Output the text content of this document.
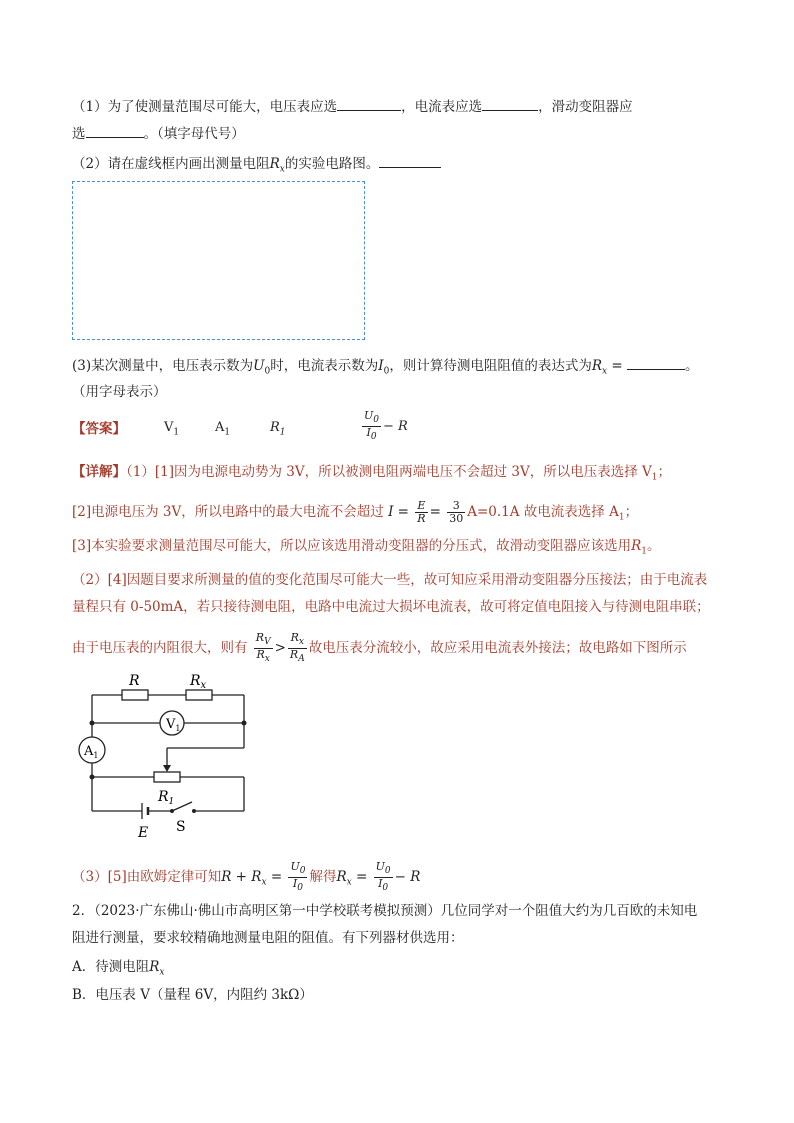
（1）为了使测量范围尽可能大，电压表应选	，电流表应选	，滑动变阻器应
选	。（填字母代号）
（2）请在虚线框内画出测量电阻$R_x$的实验电路图。
(3)某次测量中，电压表示数为$U_0$时，电流表示数为$I_0$，则计算待测电阻阻值的表达式为$R_x$ =	。
（用字母表示）
【答案】	$V_1$	$A_1$	$R_1$	$\frac{U_0}{I_0} - R$
【详解】（1）[1]因为电源电动势为 3V，所以被测电阻两端电压不会超过 3V，所以电压表选择 $V_1$；
[2]电源电压为 3V，所以电路中的最大电流不会超过 $I = \frac{E}{R} = \frac{3}{30} A=0.1A$ 故电流表选择 $A_1$；
[3]本实验要求测量范围尽可能大，所以应该选用滑动变阻器的分压式，故滑动变阻器应该选用$R_1$。
（2）[4]因题目要求所测量的值的变化范围尽可能大一些，故可知应采用滑动变阻器分压接法；由于电流表
量程只有 0-50mA，若只接待测电阻，电路中电流过大损坏电流表，故可将定值电阻接入与待测电阻串联；
由于电压表的内阻很大，则有 $\frac{R_V}{R_x} > \frac{R_x}{R_A}$ 故电压表分流较小，故应采用电流表外接法；故电路如下图所示
R	$R_x$
$V_1$
$A_1$
$R_1$
E S
（3）[5]由欧姆定律可知$R + R_x = \frac{U_0}{I_0}$ 解得$R_x = \frac{U_0}{I_0} - R$
2．（2023·广东佛山·佛山市高明区第一中学校联考模拟预测）几位同学对一个阻值大约为几百欧的未知电
阻进行测量，要求较精确地测量电阻的阻值。有下列器材供选用：
A．待测电阻$R_x$
B．电压表 V（量程 6V，内阻约 3kΩ）
